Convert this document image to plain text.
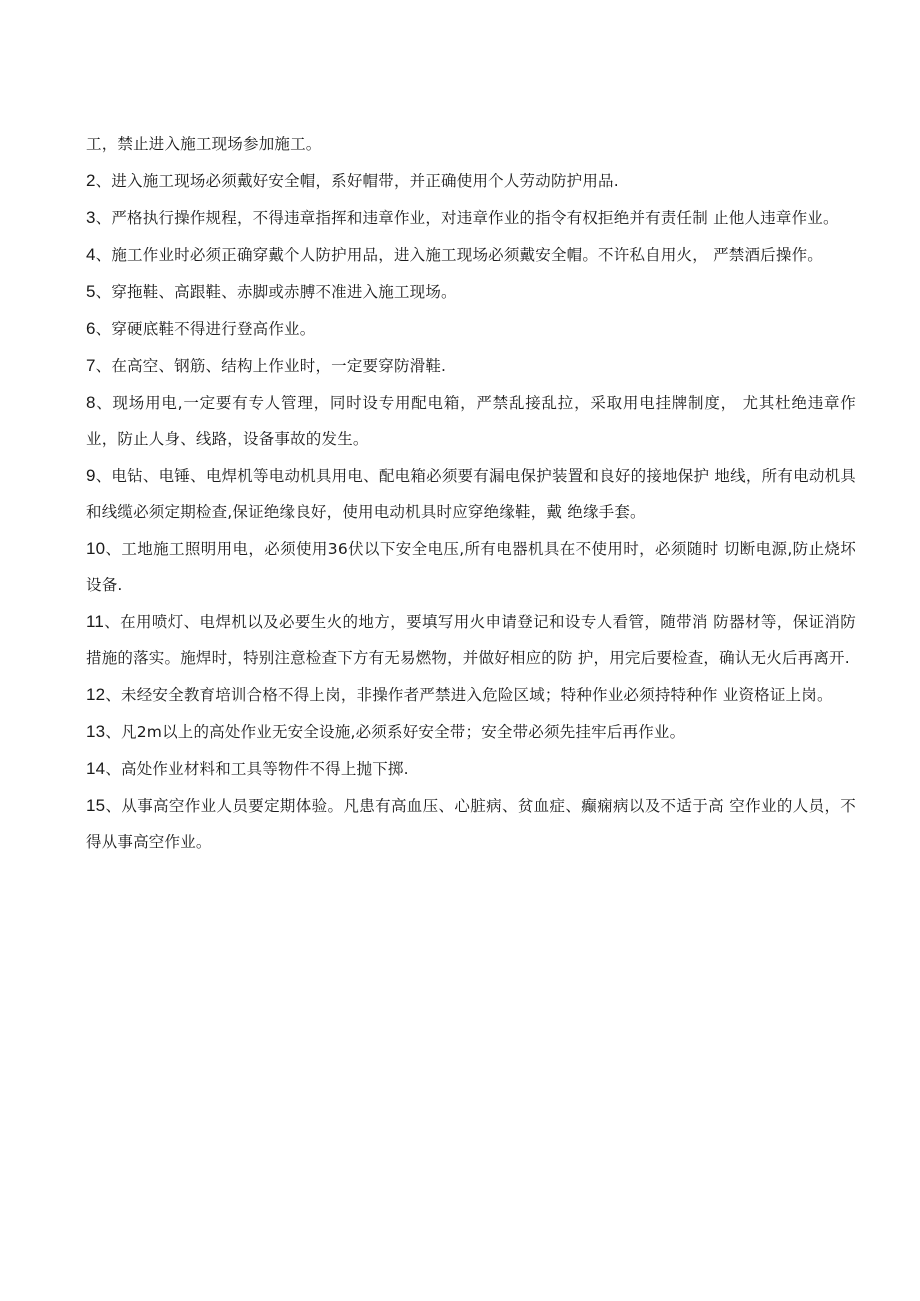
工，禁止进入施工现场参加施工。

2、进入施工现场必须戴好安全帽，系好帽带，并正确使用个人劳动防护用品.

3、严格执行操作规程，不得违章指挥和违章作业，对违章作业的指令有权拒绝并有责任制 止他人违章作业。

4、施工作业时必须正确穿戴个人防护用品，进入施工现场必须戴安全帽。不许私自用火， 严禁酒后操作。

5、穿拖鞋、高跟鞋、赤脚或赤膊不准进入施工现场。

6、穿硬底鞋不得进行登高作业。

7、在高空、钢筋、结构上作业时，一定要穿防滑鞋.

8、现场用电,一定要有专人管理，同时设专用配电箱，严禁乱接乱拉，采取用电挂牌制度， 尤其杜绝违章作业，防止人身、线路，设备事故的发生。

9、电钻、电锤、电焊机等电动机具用电、配电箱必须要有漏电保护装置和良好的接地保护 地线，所有电动机具和线缆必须定期检查,保证绝缘良好，使用电动机具时应穿绝缘鞋，戴 绝缘手套。

10、工地施工照明用电，必须使用36伏以下安全电压,所有电器机具在不使用时，必须随时 切断电源,防止烧坏设备.

11、在用喷灯、电焊机以及必要生火的地方，要填写用火申请登记和设专人看管，随带消 防器材等，保证消防措施的落实。施焊时，特别注意检查下方有无易燃物，并做好相应的防 护，用完后要检查，确认无火后再离开.

12、未经安全教育培训合格不得上岗，非操作者严禁进入危险区域；特种作业必须持特种作 业资格证上岗。

13、凡2m以上的高处作业无安全设施,必须系好安全带；安全带必须先挂牢后再作业。

14、高处作业材料和工具等物件不得上抛下掷.

15、从事高空作业人员要定期体验。凡患有高血压、心脏病、贫血症、癫痫病以及不适于高 空作业的人员，不得从事高空作业。
